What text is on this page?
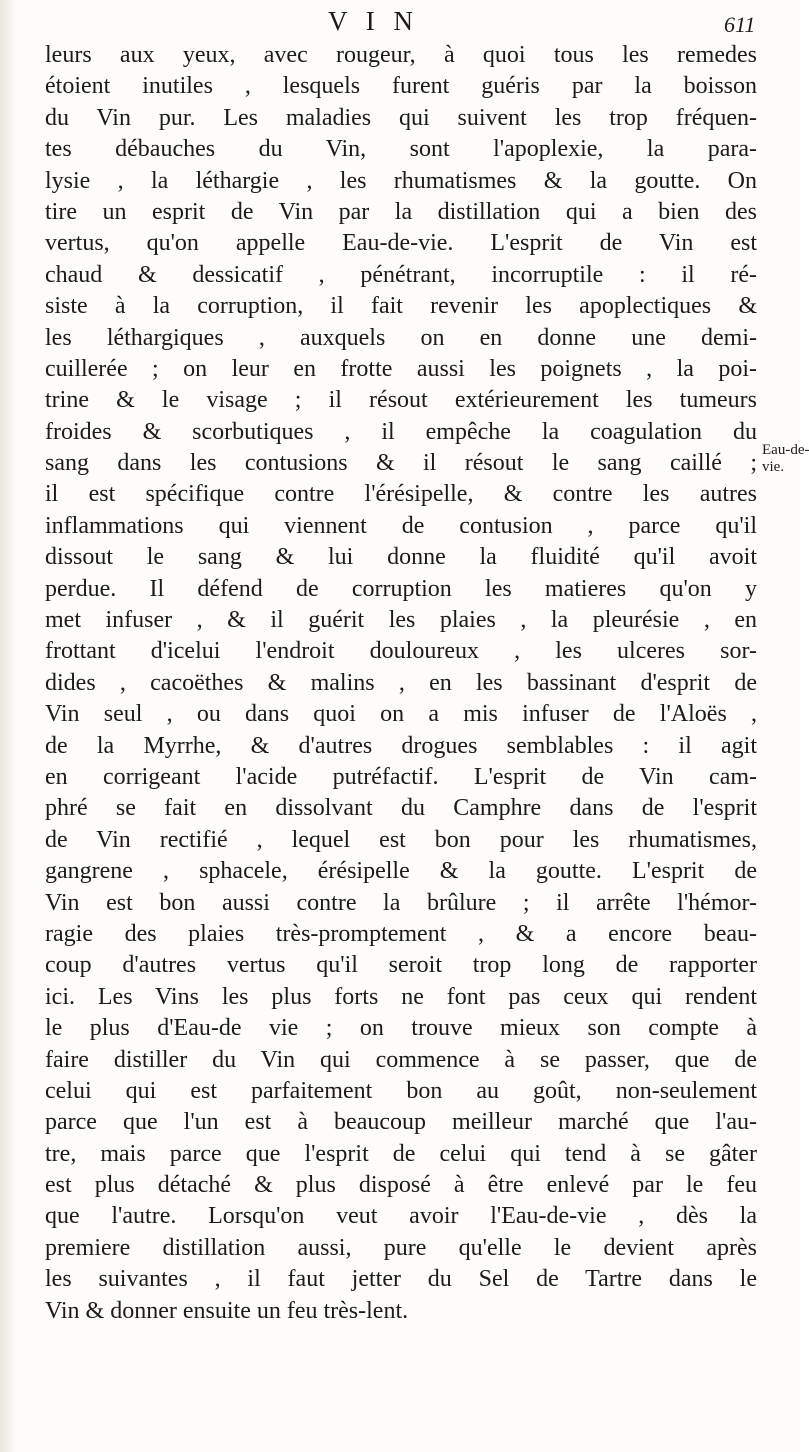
V I N	611
leurs aux yeux, avec rougeur, à quoi tous les remedes
étoient inutiles , lesquels furent guéris par la boisson
du Vin pur. Les maladies qui suivent les trop fréquen-
tes débauches du Vin, sont l'apoplexie, la para-
lysie , la léthargie , les rhumatismes & la goutte. On
tire un esprit de Vin par la distillation qui a bien des
vertus, qu'on appelle Eau-de-vie. L'esprit de Vin est
chaud & dessicatif , pénétrant, incorruptile : il ré-
siste à la corruption, il fait revenir les apoplectiques &
les léthargiques , auxquels on en donne une demi-
cuillerée ; on leur en frotte aussi les poignets , la poi-
trine & le visage ; il résout extérieurement les tumeurs
froides & scorbutiques , il empêche la coagulation du
sang dans les contusions & il résout le sang caillé ;
il est spécifique contre l'érésipelle, & contre les autres
inflammations qui viennent de contusion , parce qu'il
dissout le sang & lui donne la fluidité qu'il avoit
perdue. Il défend de corruption les matieres qu'on y
met infuser , & il guérit les plaies , la pleurésie , en
frottant d'icelui l'endroit douloureux , les ulceres sor-
dides , cacoëthes & malins , en les bassinant d'esprit de
Vin seul , ou dans quoi on a mis infuser de l'Aloës ,
de la Myrrhe, & d'autres drogues semblables : il agit
en corrigeant l'acide putréfactif. L'esprit de Vin cam-
phré se fait en dissolvant du Camphre dans de l'esprit
de Vin rectifié , lequel est bon pour les rhumatismes,
gangrene , sphacele, érésipelle & la goutte. L'esprit de
Vin est bon aussi contre la brûlure ; il arrête l'hémor-
ragie des plaies très-promptement , & a encore beau-
coup d'autres vertus qu'il seroit trop long de rapporter
ici. Les Vins les plus forts ne font pas ceux qui rendent
le plus d'Eau-de vie ; on trouve mieux son compte à
faire distiller du Vin qui commence à se passer, que de
celui qui est parfaitement bon au goût, non-seulement
parce que l'un est à beaucoup meilleur marché que l'au-
tre, mais parce que l'esprit de celui qui tend à se gâter
est plus détaché & plus disposé à être enlevé par le feu
que l'autre. Lorsqu'on veut avoir l'Eau-de-vie , dès la
premiere distillation aussi, pure qu'elle le devient après
les suivantes , il faut jetter du Sel de Tartre dans le
Vin & donner ensuite un feu très-lent.
Eau-de-
vie.
